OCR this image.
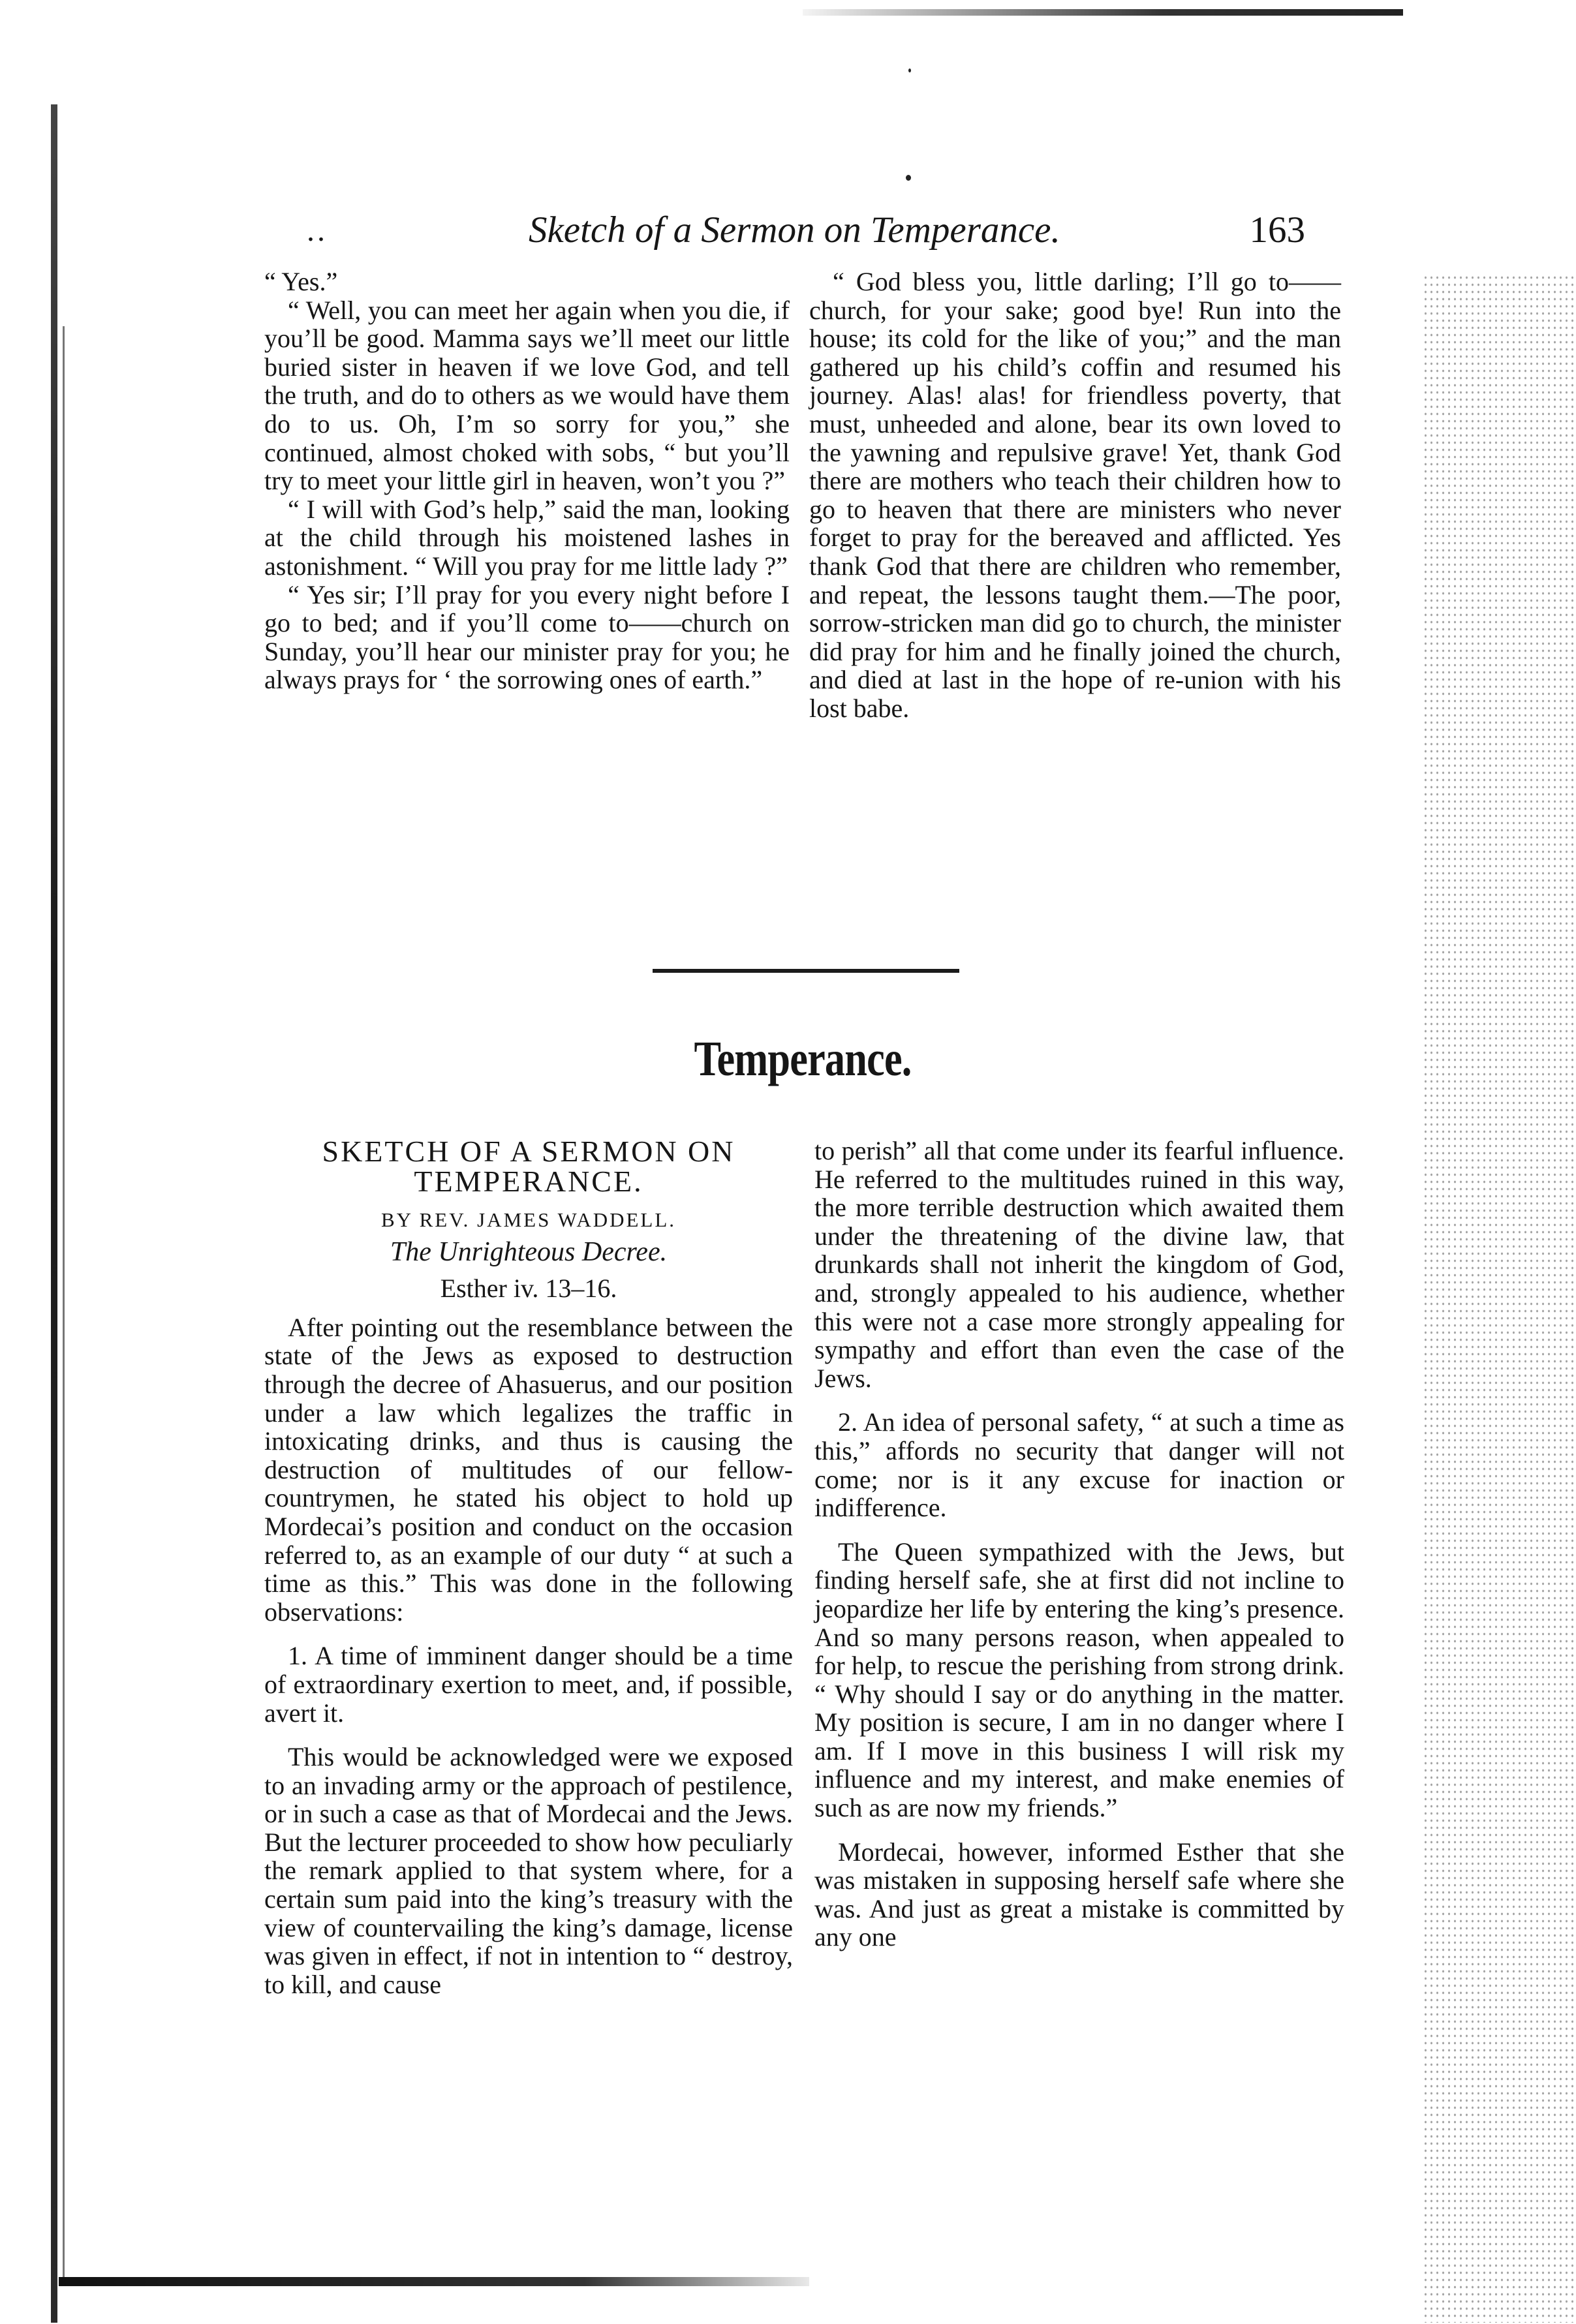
..	Sketch of a Sermon on Temperance.	163

“ Yes.”

“ Well, you can meet her again when you die, if you’ll be good. Mamma says we’ll meet our little buried sister in heaven if we love God, and tell the truth, and do to others as we would have them do to us. Oh, I’m so sorry for you,” she continued, almost choked with sobs, “ but you’ll try to meet your little girl in heaven, won’t you ?”

“ I will with God’s help,” said the man, looking at the child through his moistened lashes in astonishment. “ Will you pray for me little lady ?”

“ Yes sir; I’ll pray for you every night before I go to bed; and if you’ll come to——church on Sunday, you’ll hear our minister pray for you; he always prays for ‘ the sorrowing ones of earth.”

“ God bless you, little darling; I’ll go to——church, for your sake; good bye! Run into the house; its cold for the like of you;” and the man gathered up his child’s coffin and resumed his journey. Alas! alas! for friendless poverty, that must, unheeded and alone, bear its own loved to the yawning and repulsive grave! Yet, thank God there are mothers who teach their children how to go to heaven that there are ministers who never forget to pray for the bereaved and afflicted. Yes thank God that there are children who remember, and repeat, the lessons taught them.—The poor, sorrow-stricken man did go to church, the minister did pray for him and he finally joined the church, and died at last in the hope of re-union with his lost babe.

Temperance.
SKETCH OF A SERMON ON TEMPERANCE.
BY REV. JAMES WADDELL.
The Unrighteous Decree.
Esther iv. 13–16.

After pointing out the resemblance between the state of the Jews as exposed to destruction through the decree of Ahasuerus, and our position under a law which legalizes the traffic in intoxicating drinks, and thus is causing the destruction of multitudes of our fellow-countrymen, he stated his object to hold up Mordecai’s position and conduct on the occasion referred to, as an example of our duty “ at such a time as this.” This was done in the following observations:

1. A time of imminent danger should be a time of extraordinary exertion to meet, and, if possible, avert it.

This would be acknowledged were we exposed to an invading army or the approach of pestilence, or in such a case as that of Mordecai and the Jews. But the lecturer proceeded to show how peculiarly the remark applied to that system where, for a certain sum paid into the king’s treasury with the view of countervailing the king’s damage, license was given in effect, if not in intention to “ destroy, to kill, and cause

to perish” all that come under its fearful influence. He referred to the multitudes ruined in this way, the more terrible destruction which awaited them under the threatening of the divine law, that drunkards shall not inherit the kingdom of God, and, strongly appealed to his audience, whether this were not a case more strongly appealing for sympathy and effort than even the case of the Jews.

2. An idea of personal safety, “ at such a time as this,” affords no security that danger will not come; nor is it any excuse for inaction or indifference.

The Queen sympathized with the Jews, but finding herself safe, she at first did not incline to jeopardize her life by entering the king’s presence. And so many persons reason, when appealed to for help, to rescue the perishing from strong drink. “ Why should I say or do anything in the matter. My position is secure, I am in no danger where I am. If I move in this business I will risk my influence and my interest, and make enemies of such as are now my friends.”

Mordecai, however, informed Esther that she was mistaken in supposing herself safe where she was. And just as great a mistake is committed by any one
